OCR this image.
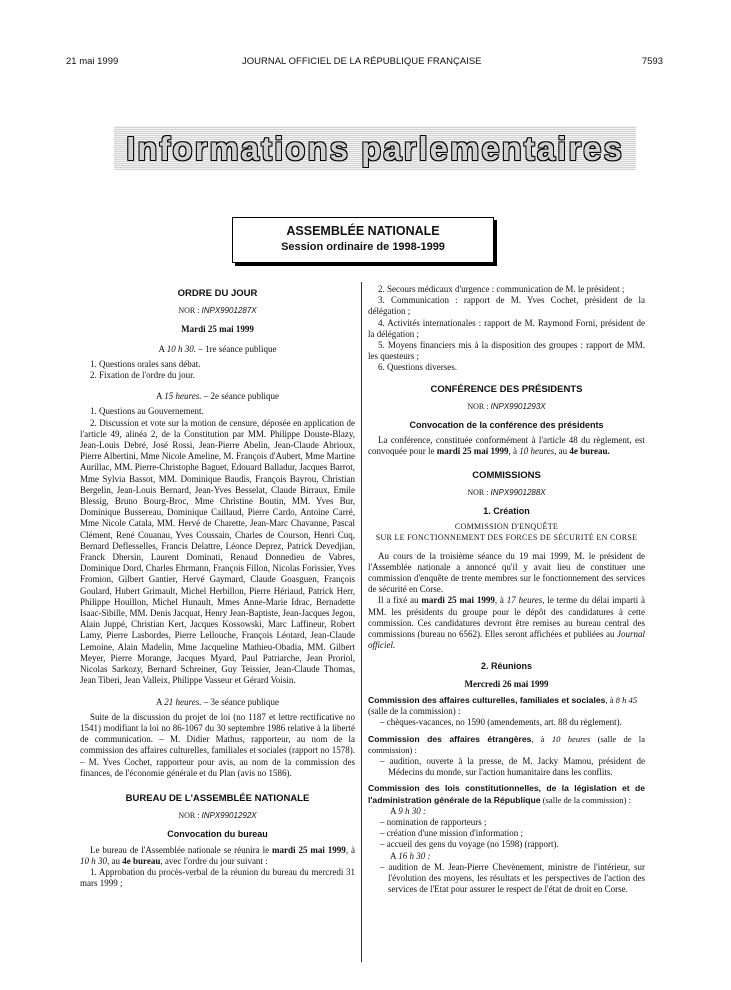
21 mai 1999	JOURNAL OFFICIEL DE LA RÉPUBLIQUE FRANÇAISE	7593
Informations parlementaires
ASSEMBLÉE NATIONALE
Session ordinaire de 1998-1999
ORDRE DU JOUR
NOR : INPX9901287X
Mardi 25 mai 1999
A 10 h 30. – 1re séance publique

1. Questions orales sans débat.

2. Fixation de l'ordre du jour.

A 15 heures. – 2e séance publique

1. Questions au Gouvernement.

2. Discussion et vote sur la motion de censure, déposée en application de l'article 49, alinéa 2, de la Constitution par MM. Philippe Douste-Blazy, Jean-Louis Debré, José Rossi, Jean-Pierre Abelin, Jean-Claude Abrioux, Pierre Albertini, Mme Nicole Ameline, M. François d'Aubert, Mme Martine Aurillac, MM. Pierre-Christophe Baguet, Edouard Balladur, Jacques Barrot, Mme Sylvia Bassot, MM. Dominique Baudis, François Bayrou, Christian Bergelin, Jean-Louis Bernard, Jean-Yves Besselat, Claude Birraux, Emile Blessig, Bruno Bourg-Broc, Mme Christine Boutin, MM. Yves Bur, Dominique Bussereau, Dominique Caillaud, Pierre Cardo, Antoine Carré, Mme Nicole Catala, MM. Hervé de Charette, Jean-Marc Chavanne, Pascal Clément, René Couanau, Yves Coussain, Charles de Courson, Henri Cuq, Bernard Deflesselles, Francis Delattre, Léonce Deprez, Patrick Devedjian, Franck Dhersin, Laurent Dominati, Renaud Donnedieu de Vabres, Dominique Dord, Charles Ehrmann, François Fillon, Nicolas Forissier, Yves Fromion, Gilbert Gantier, Hervé Gaymard, Claude Goasguen, François Goulard, Hubert Grimault, Michel Herbillon, Pierre Hériaud, Patrick Herr, Philippe Houillon, Michel Hunault, Mmes Anne-Marie Idrac, Bernadette Isaac-Sibille, MM. Denis Jacquat, Henry Jean-Baptiste, Jean-Jacques Jegou, Alain Juppé, Christian Kert, Jacques Kossowski, Marc Laffineur, Robert Lamy, Pierre Lasbordes, Pierre Lellouche, François Léotard, Jean-Claude Lemoine, Alain Madelin, Mme Jacqueline Mathieu-Obadia, MM. Gilbert Meyer, Pierre Morange, Jacques Myard, Paul Patriarche, Jean Proriol, Nicolas Sarkozy, Bernard Schreiner, Guy Teissier, Jean-Claude Thomas, Jean Tiberi, Jean Valleix, Philippe Vasseur et Gérard Voisin.

A 21 heures. – 3e séance publique

Suite de la discussion du projet de loi (no 1187 et lettre rectificative no 1541) modifiant la loi no 86-1067 du 30 septembre 1986 relative à la liberté de communication. – M. Didier Mathus, rapporteur, au nom de la commission des affaires culturelles, familiales et sociales (rapport no 1578). – M. Yves Cochet, rapporteur pour avis, au nom de la commission des finances, de l'économie générale et du Plan (avis no 1586).

BUREAU DE L'ASSEMBLÉE NATIONALE
NOR : INPX9901292X
Convocation du bureau

Le bureau de l'Assemblée nationale se réunira le mardi 25 mai 1999, à 10 h 30, au 4e bureau, avec l'ordre du jour suivant :

1. Approbation du procès-verbal de la réunion du bureau du mercredi 31 mars 1999 ;

2. Secours médicaux d'urgence : communication de M. le président ;

3. Communication : rapport de M. Yves Cochet, président de la délégation ;

4. Activités internationales : rapport de M. Raymond Forni, président de la délégation ;

5. Moyens financiers mis à la disposition des groupes : rapport de MM. les questeurs ;

6. Questions diverses.

CONFÉRENCE DES PRÉSIDENTS
NOR : INPX9901293X
Convocation de la conférence des présidents

La conférence, constituée conformément à l'article 48 du règlement, est convoquée pour le mardi 25 mai 1999, à 10 heures, au 4e bureau.

COMMISSIONS
NOR : INPX9901288X
1. Création
COMMISSION D'ENQUÊTE
SUR LE FONCTIONNEMENT DES FORCES DE SÉCURITÉ EN CORSE

Au cours de la troisième séance du 19 mai 1999, M. le président de l'Assemblée nationale a annoncé qu'il y avait lieu de constituer une commission d'enquête de trente membres sur le fonctionnement des services de sécurité en Corse.

Il a fixé au mardi 25 mai 1999, à 17 heures, le terme du délai imparti à MM. les présidents du groupe pour le dépôt des candidatures à cette commission. Ces candidatures devront être remises au bureau central des commissions (bureau no 6562). Elles seront affichées et publiées au Journal officiel.

2. Réunions
Mercredi 26 mai 1999

Commission des affaires culturelles, familiales et sociales, à 8 h 45

(salle de la commission) :

– chèques-vacances, no 1590 (amendements, art. 88 du règlement).

Commission des affaires étrangères, à 10 heures (salle de la commission) :

– audition, ouverte à la presse, de M. Jacky Mamou, président de Médecins du monde, sur l'action humanitaire dans les conflits.

Commission des lois constitutionnelles, de la législation et de l'administration générale de la République (salle de la commission) :

A 9 h 30 :

– nomination de rapporteurs ;

– création d'une mission d'information ;

– accueil des gens du voyage (no 1598) (rapport).

A 16 h 30 :

– audition de M. Jean-Pierre Chevènement, ministre de l'intérieur, sur l'évolution des moyens, les résultats et les perspectives de l'action des services de l'Etat pour assurer le respect de l'état de droit en Corse.
